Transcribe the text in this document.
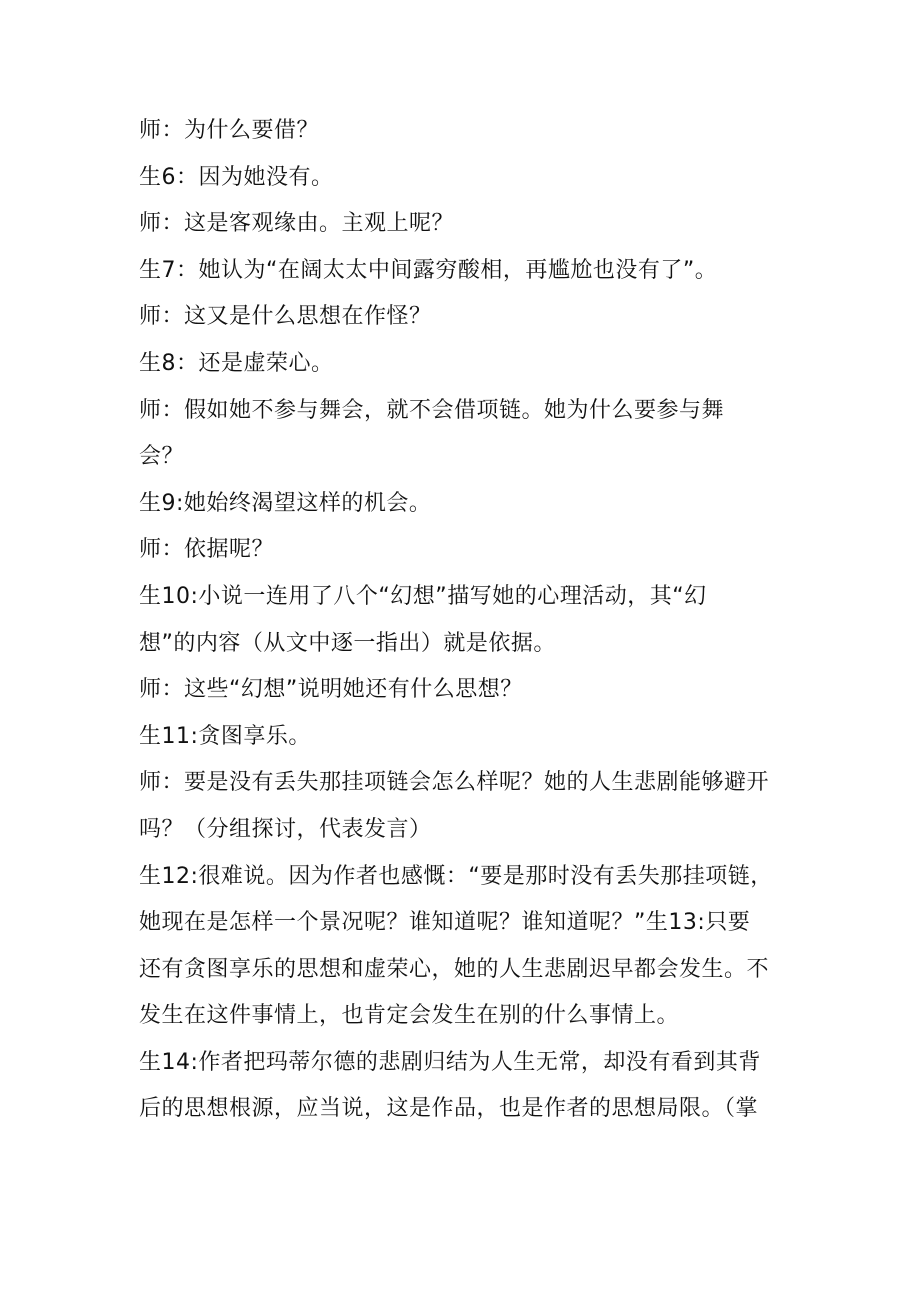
师：为什么要借？
生6：因为她没有。
师：这是客观缘由。主观上呢？
生7：她认为“在阔太太中间露穷酸相，再尴尬也没有了”。
师：这又是什么思想在作怪？
生8：还是虚荣心。
师：假如她不参与舞会，就不会借项链。她为什么要参与舞
会？
生9:她始终渴望这样的机会。
师：依据呢？
生10:小说一连用了八个“幻想”描写她的心理活动，其“幻
想”的内容（从文中逐一指出）就是依据。
师：这些“幻想”说明她还有什么思想？
生11:贪图享乐。
师：要是没有丢失那挂项链会怎么样呢？她的人生悲剧能够避开
吗？（分组探讨，代表发言）
生12:很难说。因为作者也感慨：“要是那时没有丢失那挂项链，
她现在是怎样一个景况呢？谁知道呢？谁知道呢？”生13:只要
还有贪图享乐的思想和虚荣心，她的人生悲剧迟早都会发生。不
发生在这件事情上，也肯定会发生在别的什么事情上。
生14:作者把玛蒂尔德的悲剧归结为人生无常，却没有看到其背
后的思想根源，应当说，这是作品，也是作者的思想局限。（掌
